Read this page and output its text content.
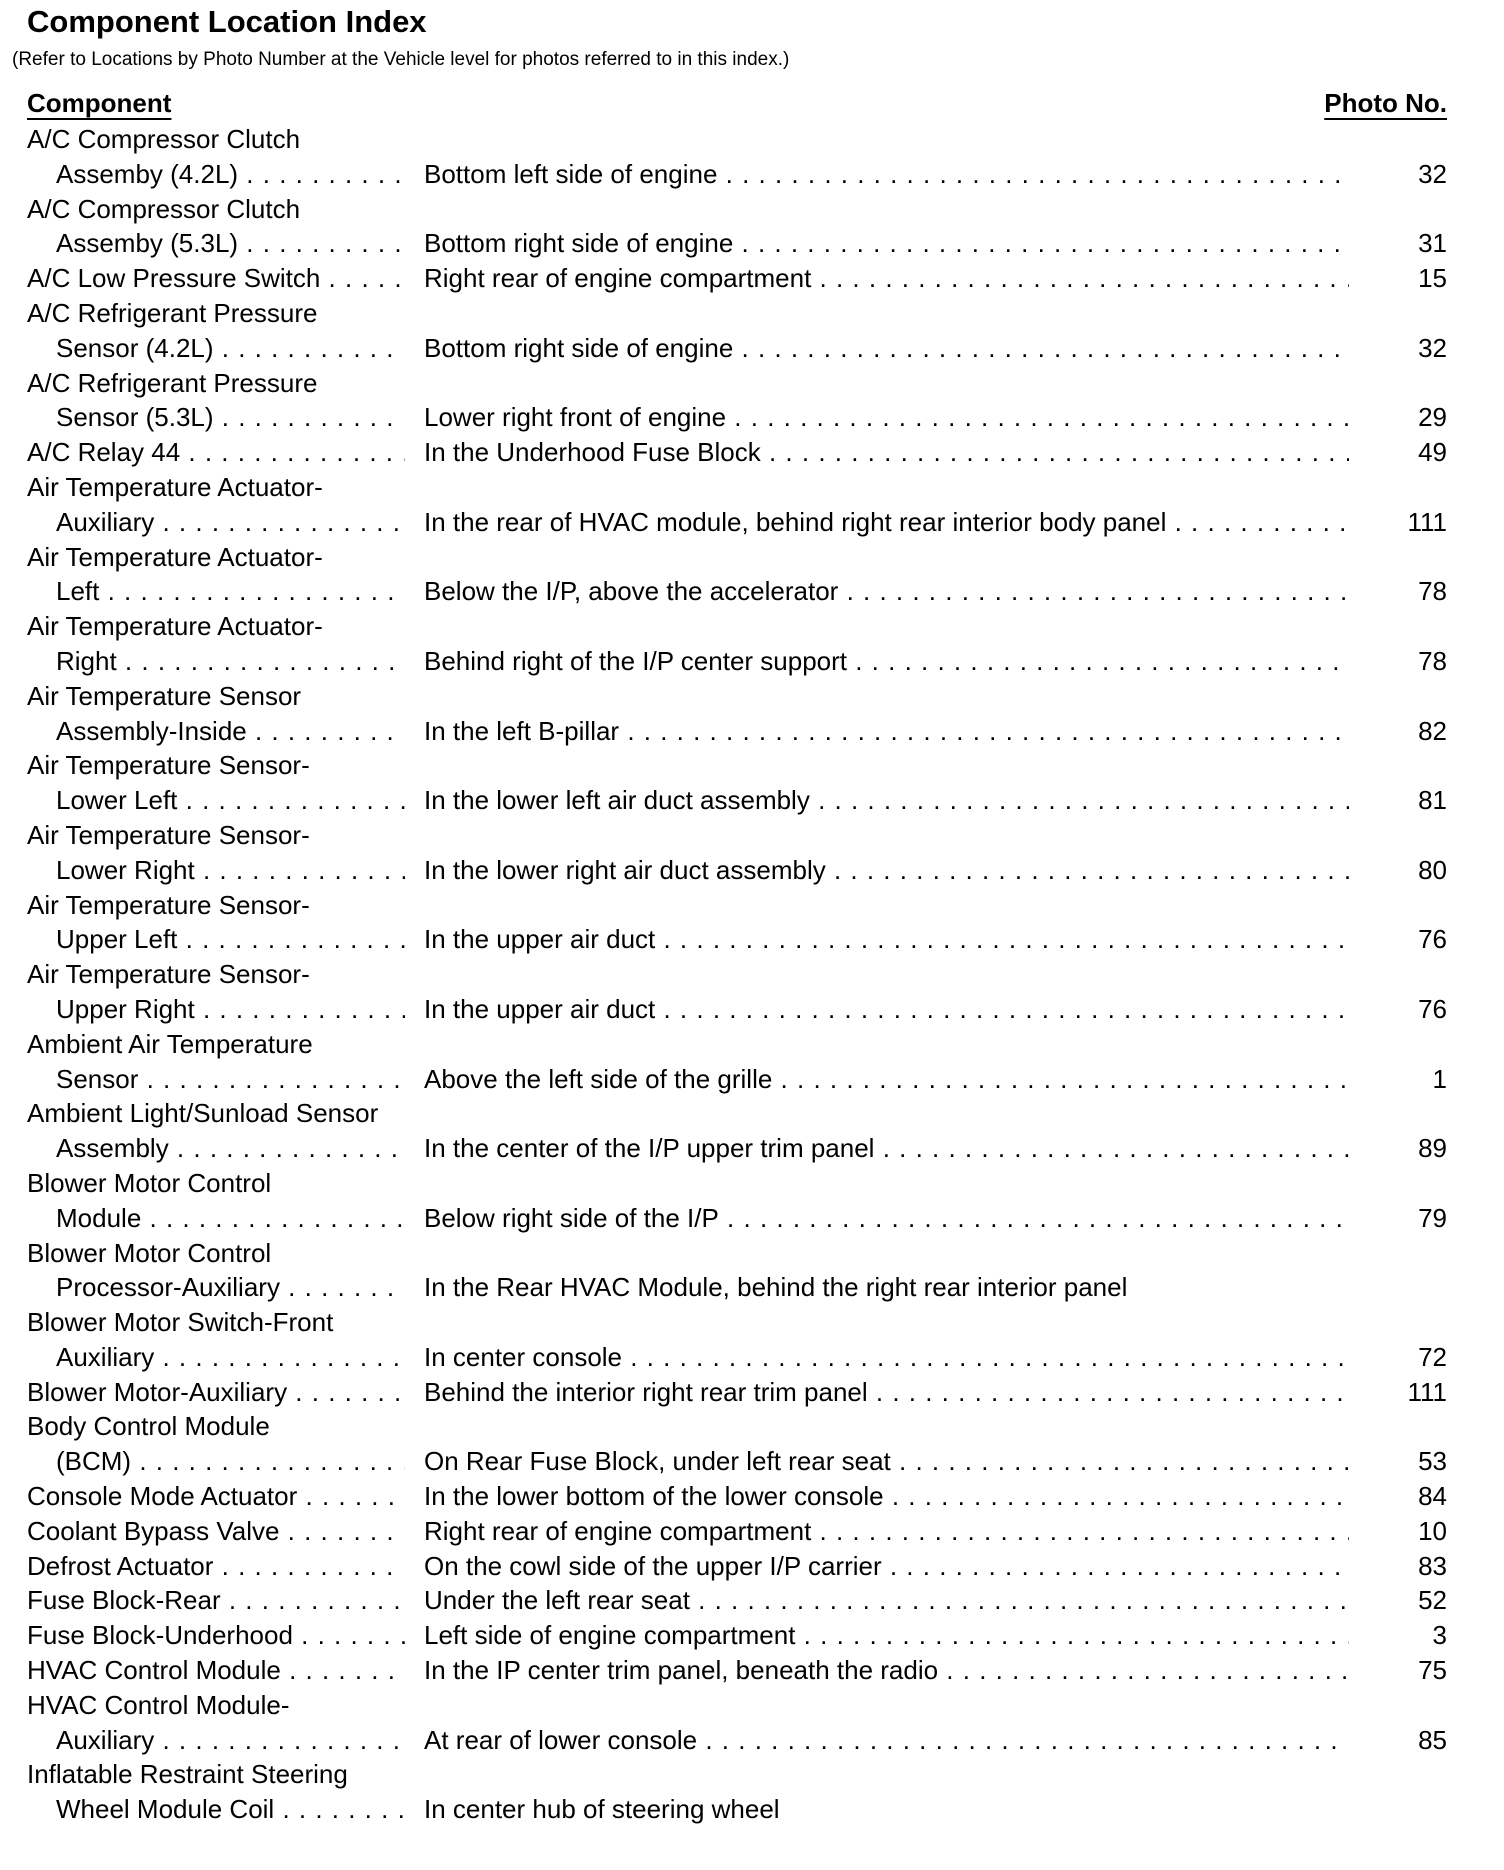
Component Location Index
(Refer to Locations by Photo Number at the Vehicle level for photos referred to in this index.)
Component	Photo No.
A/C Compressor Clutch
Assemby (4.2L) . . .	Bottom left side of engine . . .	32
A/C Compressor Clutch
Assemby (5.3L) . . .	Bottom right side of engine . . .	31
A/C Low Pressure Switch . . .	Right rear of engine compartment . . .	15
A/C Refrigerant Pressure
Sensor (4.2L) . . .	Bottom right side of engine . . .	32
A/C Refrigerant Pressure
Sensor (5.3L) . . .	Lower right front of engine . . .	29
A/C Relay 44 . . .	In the Underhood Fuse Block . . .	49
Air Temperature Actuator-
Auxiliary . . .	In the rear of HVAC module, behind right rear interior body panel . . .	111
Air Temperature Actuator-
Left . . .	Below the I/P, above the accelerator . . .	78
Air Temperature Actuator-
Right . . .	Behind right of the I/P center support . . .	78
Air Temperature Sensor
Assembly-Inside . . .	In the left B-pillar . . .	82
Air Temperature Sensor-
Lower Left . . .	In the lower left air duct assembly . . .	81
Air Temperature Sensor-
Lower Right . . .	In the lower right air duct assembly . . .	80
Air Temperature Sensor-
Upper Left . . .	In the upper air duct . . .	76
Air Temperature Sensor-
Upper Right . . .	In the upper air duct . . .	76
Ambient Air Temperature
Sensor . . .	Above the left side of the grille . . .	1
Ambient Light/Sunload Sensor
Assembly . . .	In the center of the I/P upper trim panel . . .	89
Blower Motor Control
Module . . .	Below right side of the I/P . . .	79
Blower Motor Control
Processor-Auxiliary . . .	In the Rear HVAC Module, behind the right rear interior panel
Blower Motor Switch-Front
Auxiliary . . .	In center console . . .	72
Blower Motor-Auxiliary . . .	Behind the interior right rear trim panel . . .	111
Body Control Module
(BCM) . . .	On Rear Fuse Block, under left rear seat . . .	53
Console Mode Actuator . . .	In the lower bottom of the lower console . . .	84
Coolant Bypass Valve . . .	Right rear of engine compartment . . .	10
Defrost Actuator . . .	On the cowl side of the upper I/P carrier . . .	83
Fuse Block-Rear . . .	Under the left rear seat . . .	52
Fuse Block-Underhood . . .	Left side of engine compartment . . .	3
HVAC Control Module . . .	In the IP center trim panel, beneath the radio . . .	75
HVAC Control Module-
Auxiliary . . .	At rear of lower console . . .	85
Inflatable Restraint Steering
Wheel Module Coil . . .	In center hub of steering wheel
